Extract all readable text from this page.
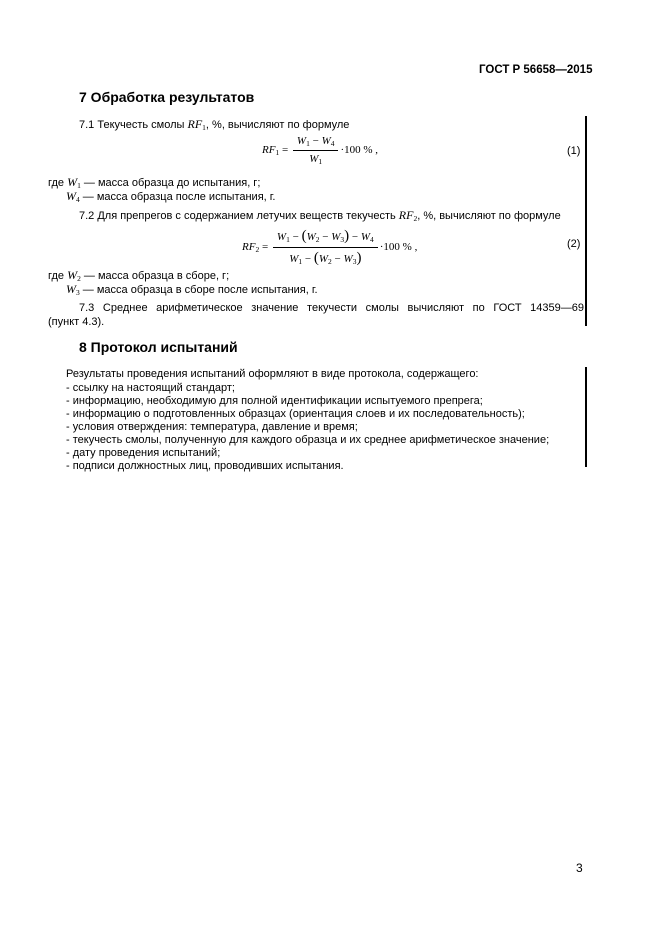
ГОСТ Р 56658—2015
7 Обработка результатов
7.1 Текучесть смолы $RF_1$, %, вычисляют по формуле
$RF_1 = \frac{W_1 - W_4}{W_1} \cdot 100$ % ,	(1)
где $W_1$ — масса образца до испытания, г;
$W_4$ — масса образца после испытания, г.
7.2 Для препрегов с содержанием летучих веществ текучесть $RF_2$, %, вычисляют по формуле
$RF_2 = \frac{W_1 - (W_2 - W_3) - W_4}{W_1 - (W_2 - W_3)} \cdot 100$ % ,	(2)
где $W_2$ — масса образца в сборе, г;
$W_3$ — масса образца в сборе после испытания, г.
7.3 Среднее арифметическое значение текучести смолы вычисляют по ГОСТ 14359—69
(пункт 4.3).
8 Протокол испытаний
Результаты проведения испытаний оформляют в виде протокола, содержащего:
- ссылку на настоящий стандарт;
- информацию, необходимую для полной идентификации испытуемого препрега;
- информацию о подготовленных образцах (ориентация слоев и их последовательность);
- условия отверждения: температура, давление и время;
- текучесть смолы, полученную для каждого образца и их среднее арифметическое значение;
- дату проведения испытаний;
- подписи должностных лиц, проводивших испытания.
3
